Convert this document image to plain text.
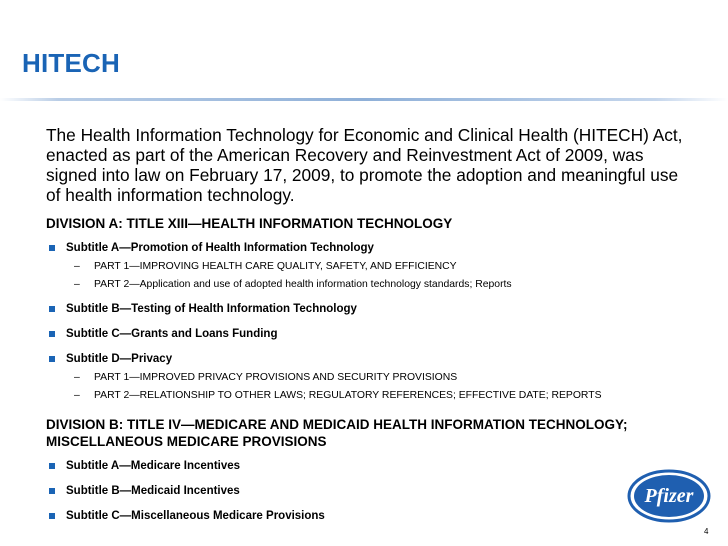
HITECH

The Health Information Technology for Economic and Clinical Health (HITECH) Act, enacted as part of the American Recovery and Reinvestment Act of 2009, was signed into law on February 17, 2009, to promote the adoption and meaningful use of health information technology.

DIVISION A: TITLE XIII—HEALTH INFORMATION TECHNOLOGY
Subtitle A—Promotion of Health Information Technology
– PART 1—IMPROVING HEALTH CARE QUALITY, SAFETY, AND EFFICIENCY
– PART 2—Application and use of adopted health information technology standards; Reports
Subtitle B—Testing of Health Information Technology
Subtitle C—Grants and Loans Funding
Subtitle D—Privacy
– PART 1—IMPROVED PRIVACY PROVISIONS AND SECURITY PROVISIONS
– PART 2—RELATIONSHIP TO OTHER LAWS; REGULATORY REFERENCES; EFFECTIVE DATE; REPORTS
DIVISION B: TITLE IV—MEDICARE AND MEDICAID HEALTH INFORMATION TECHNOLOGY; MISCELLANEOUS MEDICARE PROVISIONS
Subtitle A—Medicare Incentives
Subtitle B—Medicaid Incentives
Subtitle C—Miscellaneous Medicare Provisions
Pfizer
4
